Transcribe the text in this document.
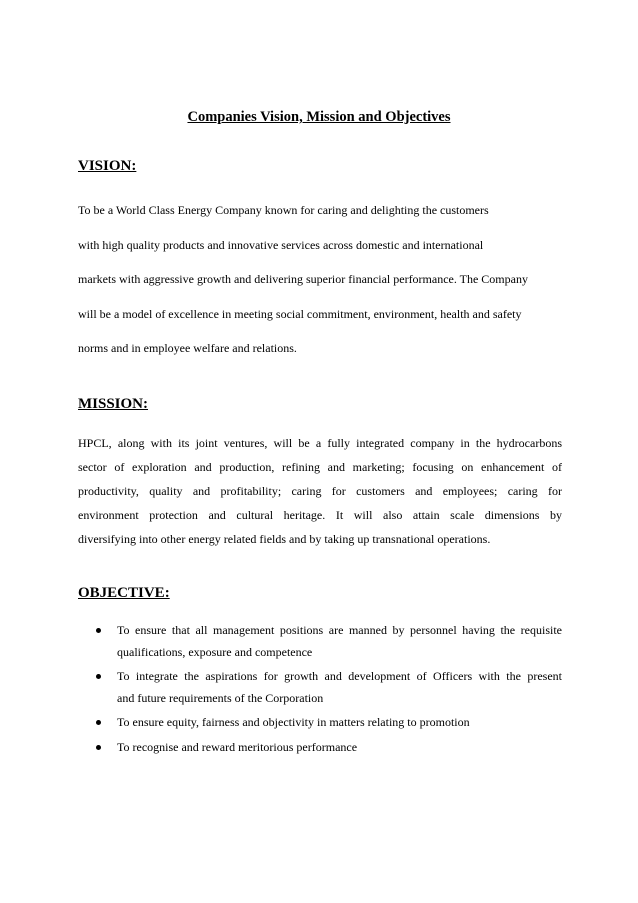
Companies Vision, Mission and Objectives
VISION:

To be a World Class Energy Company known for caring and delighting the customers
with high quality products and innovative services across domestic and international
markets with aggressive growth and delivering superior financial performance. The Company
will be a model of excellence in meeting social commitment, environment, health and safety
norms and in employee welfare and relations.

MISSION:

HPCL, along with its joint ventures, will be a fully integrated company in the hydrocarbons
sector of exploration and production, refining and marketing; focusing on enhancement of
productivity, quality and profitability; caring for customers and employees; caring for
environment protection and cultural heritage. It will also attain scale dimensions by
diversifying into other energy related fields and by taking up transnational operations.

OBJECTIVE:
To ensure that all management positions are manned by personnel having the requisite
qualifications, exposure and competence
To integrate the aspirations for growth and development of Officers with the present
and future requirements of the Corporation
To ensure equity, fairness and objectivity in matters relating to promotion
To recognise and reward meritorious performance
